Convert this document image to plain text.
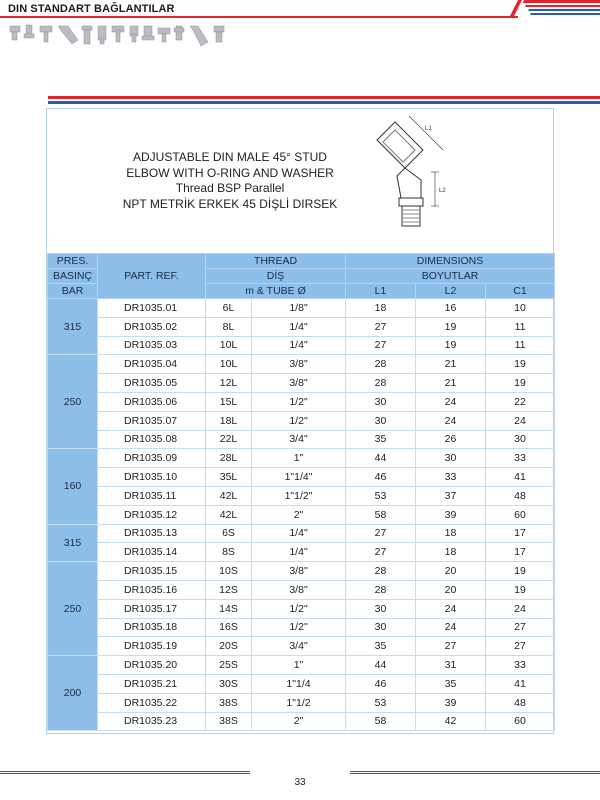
DIN STANDART BAĞLANTILAR
ADJUSTABLE DIN MALE 45° STUD
ELBOW WITH O-RING AND WASHER
Thread BSP Parallel
NPT METRİK ERKEK 45 DİŞLİ DIRSEK
L1
L2
PRES.	PART. REF.	THREAD		DIMENSIONS		
BASINÇ		DİŞ		BOYUTLAR		
BAR		m & TUBE Ø		L1	L2	C1
315	DR1035.01	6L	1/8"	18	16	10
	DR1035.02	8L	1/4"	27	19	11
	DR1035.03	10L	1/4"	27	19	11
250	DR1035.04	10L	3/8"	28	21	19
	DR1035.05	12L	3/8"	28	21	19
	DR1035.06	15L	1/2"	30	24	22
	DR1035.07	18L	1/2"	30	24	24
	DR1035.08	22L	3/4"	35	26	30
160	DR1035.09	28L	1"	44	30	33
	DR1035.10	35L	1"1/4"	46	33	41
	DR1035.11	42L	1"1/2"	53	37	48
	DR1035.12	42L	2"	58	39	60
315	DR1035.13	6S	1/4"	27	18	17
	DR1035.14	8S	1/4"	27	18	17
250	DR1035.15	10S	3/8"	28	20	19
	DR1035.16	12S	3/8"	28	20	19
	DR1035.17	14S	1/2"	30	24	24
	DR1035.18	16S	1/2"	30	24	27
	DR1035.19	20S	3/4"	35	27	27
200	DR1035.20	25S	1"	44	31	33
	DR1035.21	30S	1"1/4	46	35	41
	DR1035.22	38S	1"1/2	53	39	48
	DR1035.23	38S	2"	58	42	60
33
